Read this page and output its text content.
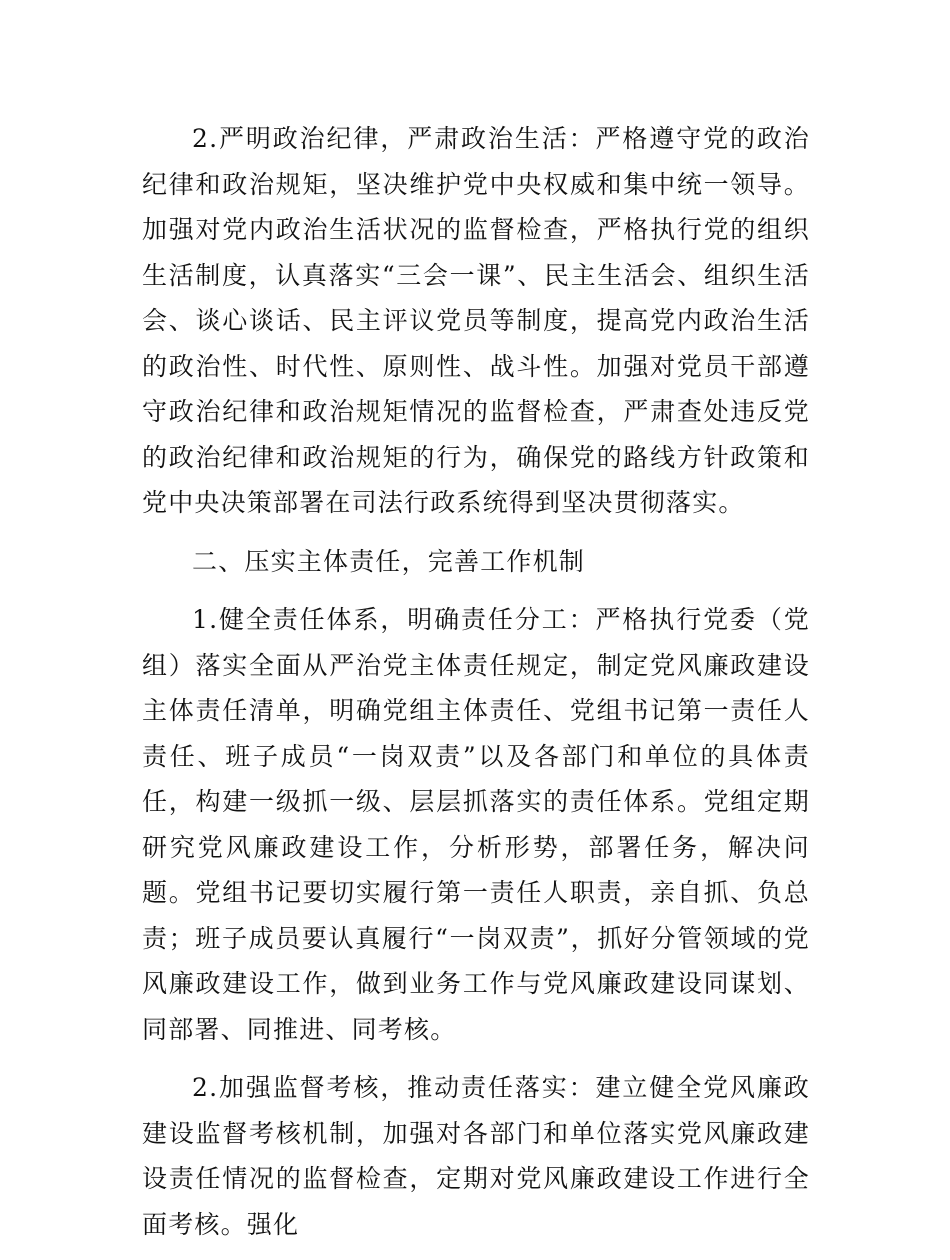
2.严明政治纪律，严肃政治生活：严格遵守党的政治纪律和政治规矩，坚决维护党中央权威和集中统一领导。加强对党内政治生活状况的监督检查，严格执行党的组织生活制度，认真落实“三会一课”、民主生活会、组织生活会、谈心谈话、民主评议党员等制度，提高党内政治生活的政治性、时代性、原则性、战斗性。加强对党员干部遵守政治纪律和政治规矩情况的监督检查，严肃查处违反党的政治纪律和政治规矩的行为，确保党的路线方针政策和党中央决策部署在司法行政系统得到坚决贯彻落实。

二、压实主体责任，完善工作机制

1.健全责任体系，明确责任分工：严格执行党委（党组）落实全面从严治党主体责任规定，制定党风廉政建设主体责任清单，明确党组主体责任、党组书记第一责任人责任、班子成员“一岗双责”以及各部门和单位的具体责任，构建一级抓一级、层层抓落实的责任体系。党组定期研究党风廉政建设工作，分析形势，部署任务，解决问题。党组书记要切实履行第一责任人职责，亲自抓、负总责；班子成员要认真履行“一岗双责”，抓好分管领域的党风廉政建设工作，做到业务工作与党风廉政建设同谋划、同部署、同推进、同考核。

2.加强监督考核，推动责任落实：建立健全党风廉政建设监督考核机制，加强对各部门和单位落实党风廉政建设责任情况的监督检查，定期对党风廉政建设工作进行全面考核。强化
